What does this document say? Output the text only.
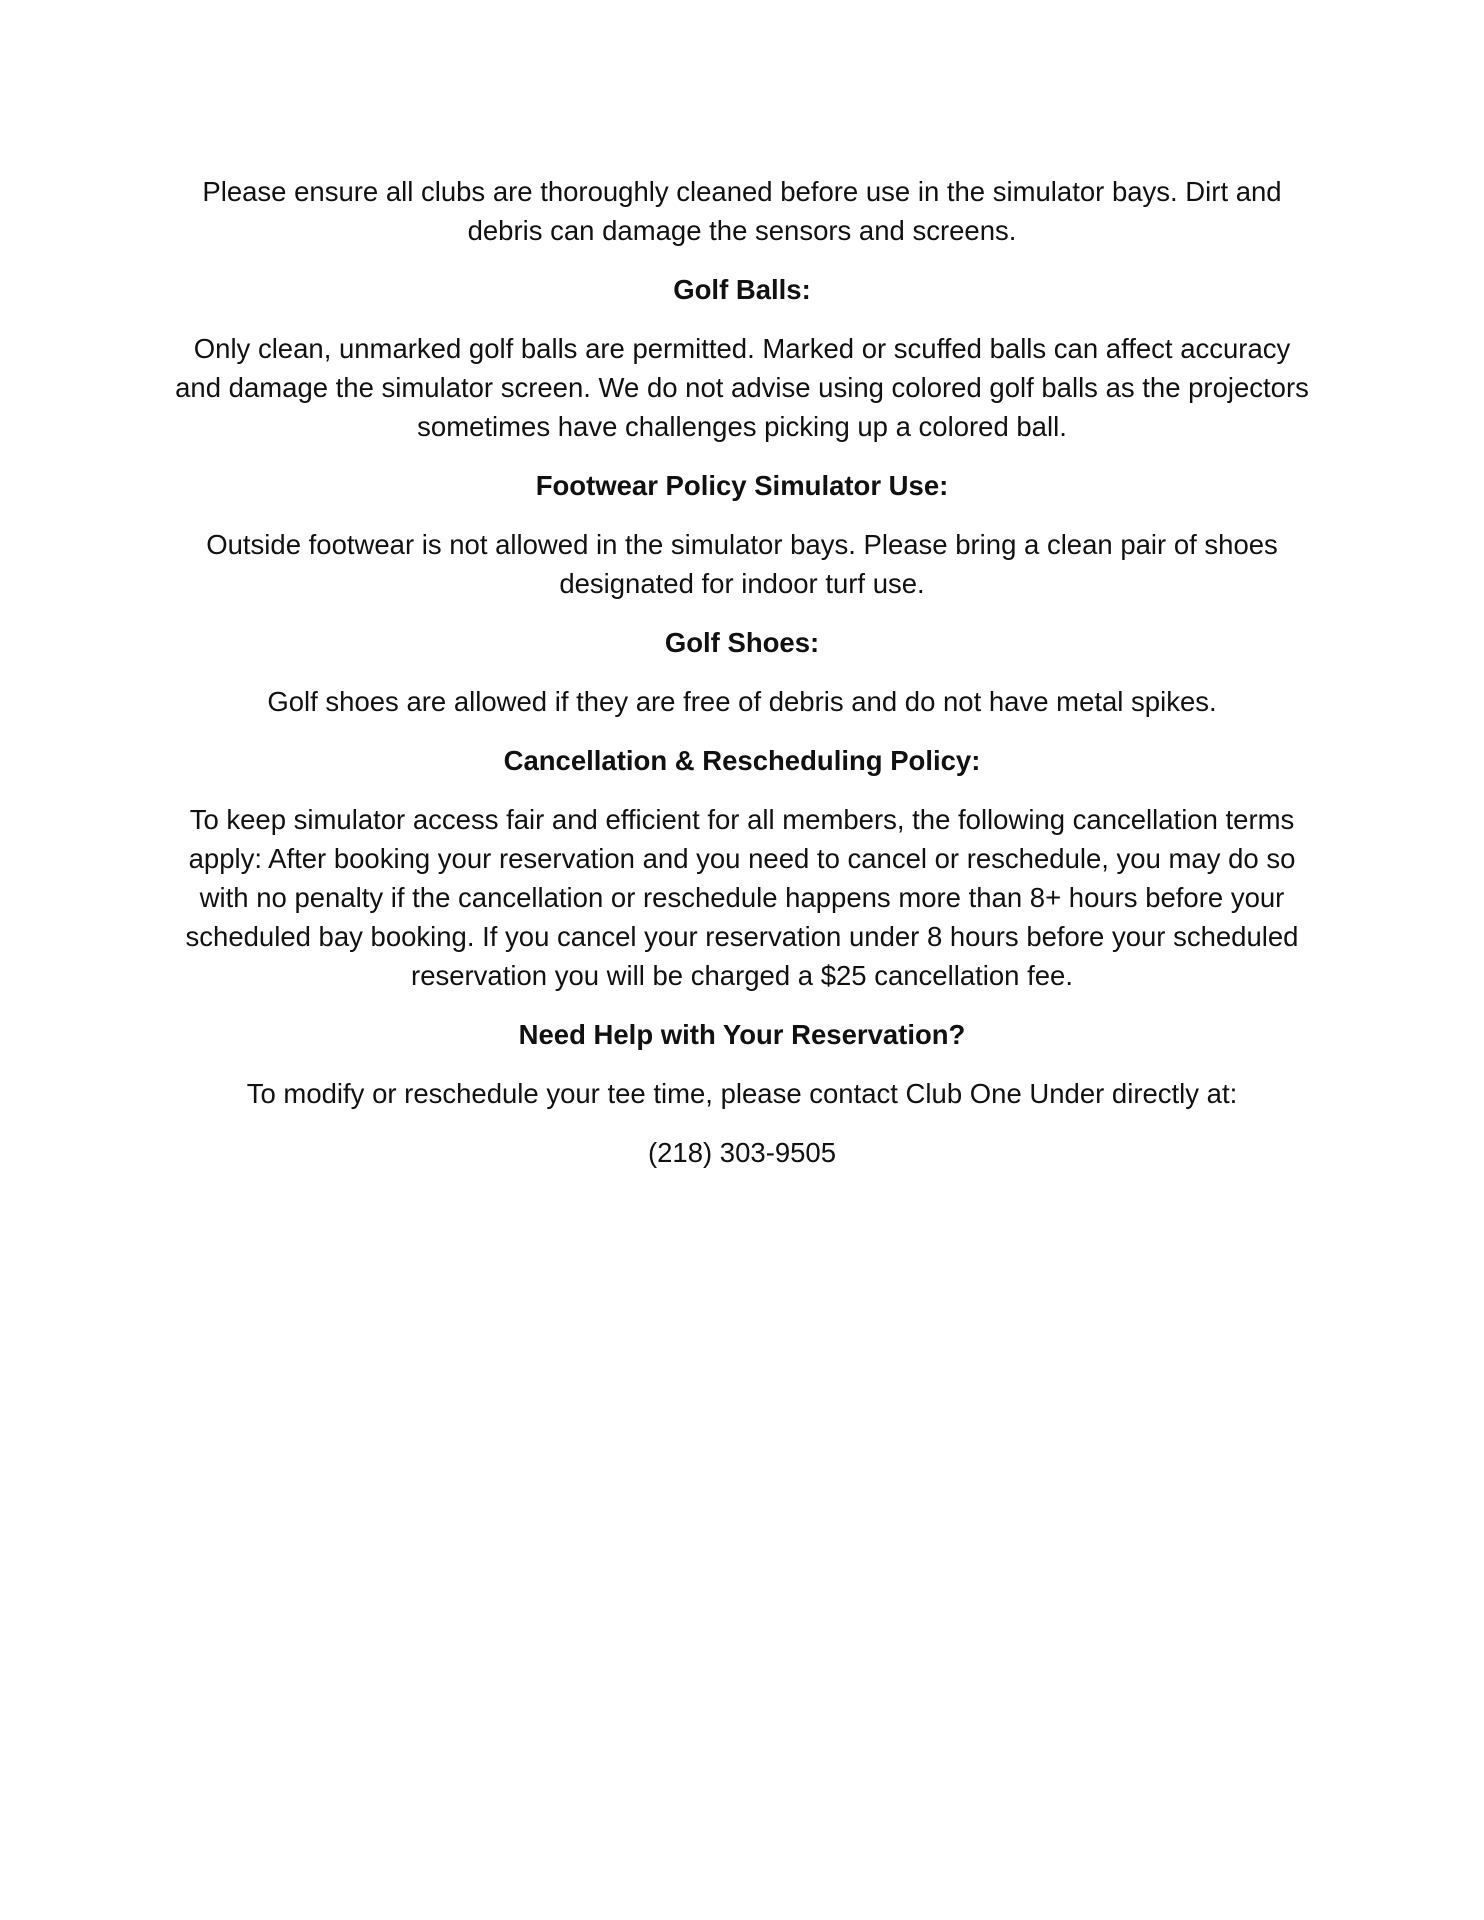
Please ensure all clubs are thoroughly cleaned before use in the simulator bays. Dirt and debris can damage the sensors and screens.

Golf Balls:

Only clean, unmarked golf balls are permitted. Marked or scuffed balls can affect accuracy and damage the simulator screen. We do not advise using colored golf balls as the projectors sometimes have challenges picking up a colored ball.

Footwear Policy Simulator Use:

Outside footwear is not allowed in the simulator bays. Please bring a clean pair of shoes designated for indoor turf use.

Golf Shoes:

Golf shoes are allowed if they are free of debris and do not have metal spikes.

Cancellation & Rescheduling Policy:

To keep simulator access fair and efficient for all members, the following cancellation terms apply: After booking your reservation and you need to cancel or reschedule, you may do so with no penalty if the cancellation or reschedule happens more than 8+ hours before your scheduled bay booking. If you cancel your reservation under 8 hours before your scheduled reservation you will be charged a $25 cancellation fee.

Need Help with Your Reservation?

To modify or reschedule your tee time, please contact Club One Under directly at:

(218) 303-9505
